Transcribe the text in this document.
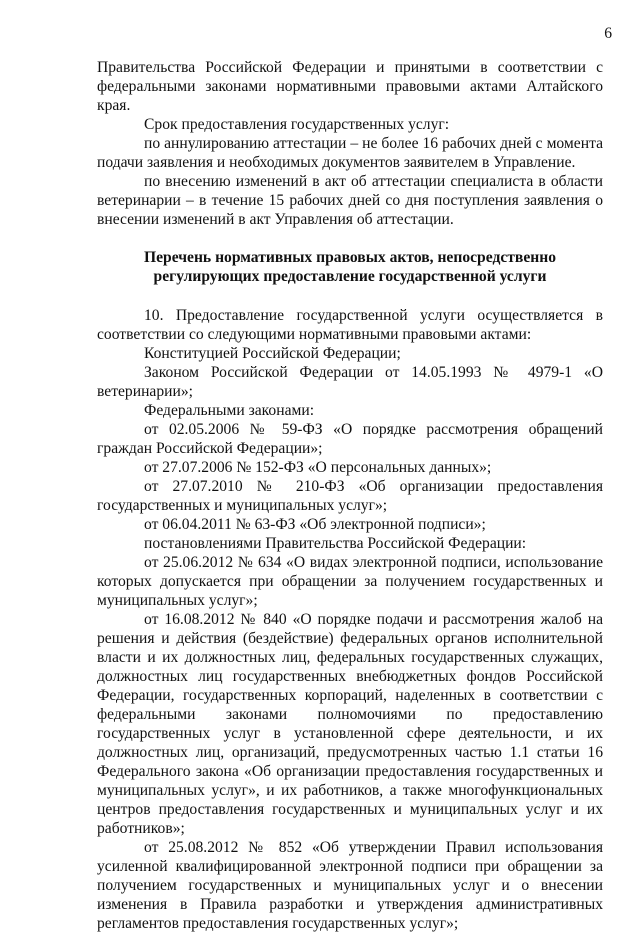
6

Правительства Российской Федерации и принятыми в соответствии с федеральными законами нормативными правовыми актами Алтайского края.

Срок предоставления государственных услуг:

по аннулированию аттестации – не более 16 рабочих дней с момента подачи заявления и необходимых документов заявителем в Управление.

по внесению изменений в акт об аттестации специалиста в области ветеринарии – в течение 15 рабочих дней со дня поступления заявления о внесении изменений в акт Управления об аттестации.

Перечень нормативных правовых актов, непосредственно регулирующих предоставление государственной услуги

10. Предоставление государственной услуги осуществляется в соответствии со следующими нормативными правовыми актами:

Конституцией Российской Федерации;

Законом Российской Федерации от 14.05.1993 № 4979-1 «О ветеринарии»;

Федеральными законами:

от 02.05.2006 № 59-ФЗ «О порядке рассмотрения обращений граждан Российской Федерации»;

от 27.07.2006 № 152-ФЗ «О персональных данных»;

от 27.07.2010 № 210-ФЗ «Об организации предоставления государственных и муниципальных услуг»;

от 06.04.2011 № 63-ФЗ «Об электронной подписи»;

постановлениями Правительства Российской Федерации:

от 25.06.2012 № 634 «О видах электронной подписи, использование которых допускается при обращении за получением государственных и муниципальных услуг»;

от 16.08.2012 № 840 «О порядке подачи и рассмотрения жалоб на решения и действия (бездействие) федеральных органов исполнительной власти и их должностных лиц, федеральных государственных служащих, должностных лиц государственных внебюджетных фондов Российской Федерации, государственных корпораций, наделенных в соответствии с федеральными законами полномочиями по предоставлению государственных услуг в установленной сфере деятельности, и их должностных лиц, организаций, предусмотренных частью 1.1 статьи 16 Федерального закона «Об организации предоставления государственных и муниципальных услуг», и их работников, а также многофункциональных центров предоставления государственных и муниципальных услуг и их работников»;

от 25.08.2012 № 852 «Об утверждении Правил использования усиленной квалифицированной электронной подписи при обращении за получением государственных и муниципальных услуг и о внесении изменения в Правила разработки и утверждения административных регламентов предоставления государственных услуг»;
